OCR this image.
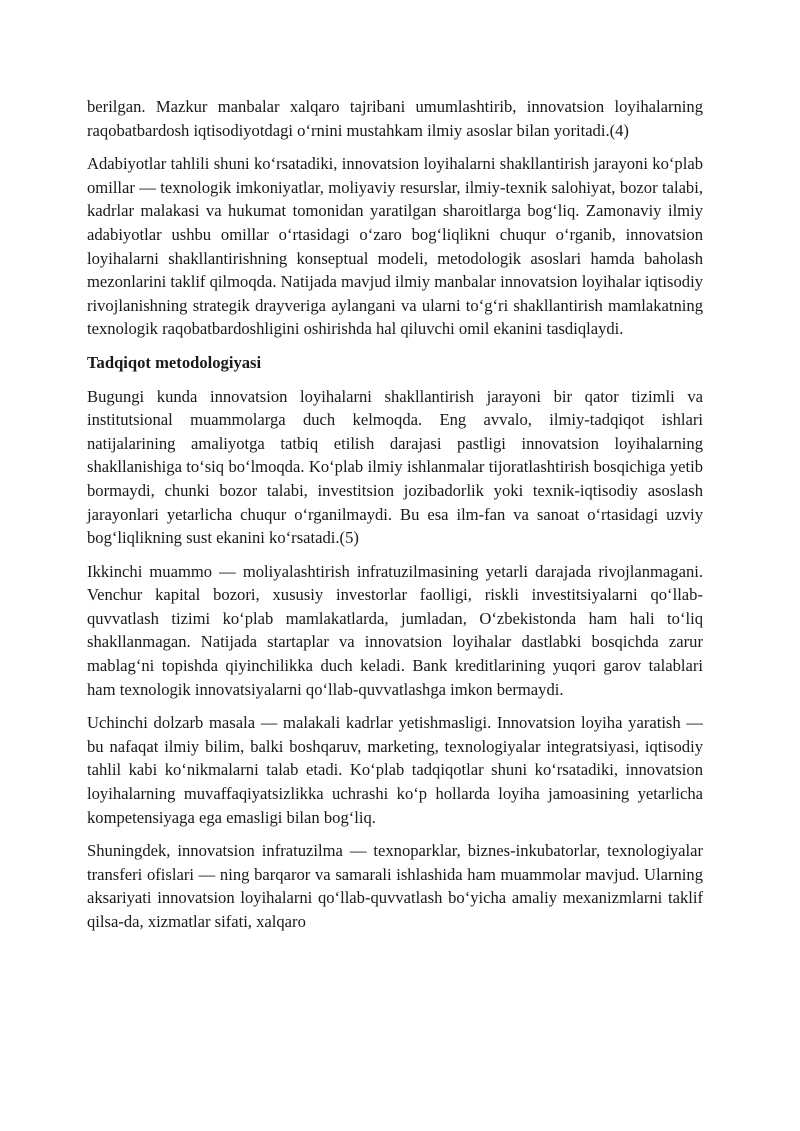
berilgan. Mazkur manbalar xalqaro tajribani umumlashtirib, innovatsion loyihalarning raqobatbardosh iqtisodiyotdagi o‘rnini mustahkam ilmiy asoslar bilan yoritadi.(4)

Adabiyotlar tahlili shuni ko‘rsatadiki, innovatsion loyihalarni shakllantirish jarayoni ko‘plab omillar — texnologik imkoniyatlar, moliyaviy resurslar, ilmiy-texnik salohiyat, bozor talabi, kadrlar malakasi va hukumat tomonidan yaratilgan sharoitlarga bog‘liq. Zamonaviy ilmiy adabiyotlar ushbu omillar o‘rtasidagi o‘zaro bog‘liqlikni chuqur o‘rganib, innovatsion loyihalarni shakllantirishning konseptual modeli, metodologik asoslari hamda baholash mezonlarini taklif qilmoqda. Natijada mavjud ilmiy manbalar innovatsion loyihalar iqtisodiy rivojlanishning strategik drayveriga aylangani va ularni to‘g‘ri shakllantirish mamlakatning texnologik raqobatbardoshligini oshirishda hal qiluvchi omil ekanini tasdiqlaydi.

Tadqiqot metodologiyasi

Bugungi kunda innovatsion loyihalarni shakllantirish jarayoni bir qator tizimli va institutsional muammolarga duch kelmoqda. Eng avvalo, ilmiy-tadqiqot ishlari natijalarining amaliyotga tatbiq etilish darajasi pastligi innovatsion loyihalarning shakllanishiga to‘siq bo‘lmoqda. Ko‘plab ilmiy ishlanmalar tijoratlashtirish bosqichiga yetib bormaydi, chunki bozor talabi, investitsion jozibadorlik yoki texnik-iqtisodiy asoslash jarayonlari yetarlicha chuqur o‘rganilmaydi. Bu esa ilm-fan va sanoat o‘rtasidagi uzviy bog‘liqlikning sust ekanini ko‘rsatadi.(5)

Ikkinchi muammo — moliyalashtirish infratuzilmasining yetarli darajada rivojlanmagani. Venchur kapital bozori, xususiy investorlar faolligi, riskli investitsiyalarni qo‘llab-quvvatlash tizimi ko‘plab mamlakatlarda, jumladan, O‘zbekistonda ham hali to‘liq shakllanmagan. Natijada startaplar va innovatsion loyihalar dastlabki bosqichda zarur mablag‘ni topishda qiyinchilikka duch keladi. Bank kreditlarining yuqori garov talablari ham texnologik innovatsiyalarni qo‘llab-quvvatlashga imkon bermaydi.

Uchinchi dolzarb masala — malakali kadrlar yetishmasligi. Innovatsion loyiha yaratish — bu nafaqat ilmiy bilim, balki boshqaruv, marketing, texnologiyalar integratsiyasi, iqtisodiy tahlil kabi ko‘nikmalarni talab etadi. Ko‘plab tadqiqotlar shuni ko‘rsatadiki, innovatsion loyihalarning muvaffaqiyatsizlikka uchrashi ko‘p hollarda loyiha jamoasining yetarlicha kompetensiyaga ega emasligi bilan bog‘liq.

Shuningdek, innovatsion infratuzilma — texnoparklar, biznes-inkubatorlar, texnologiyalar transferi ofislari — ning barqaror va samarali ishlashida ham muammolar mavjud. Ularning aksariyati innovatsion loyihalarni qo‘llab-quvvatlash bo‘yicha amaliy mexanizmlarni taklif qilsa-da, xizmatlar sifati, xalqaro
